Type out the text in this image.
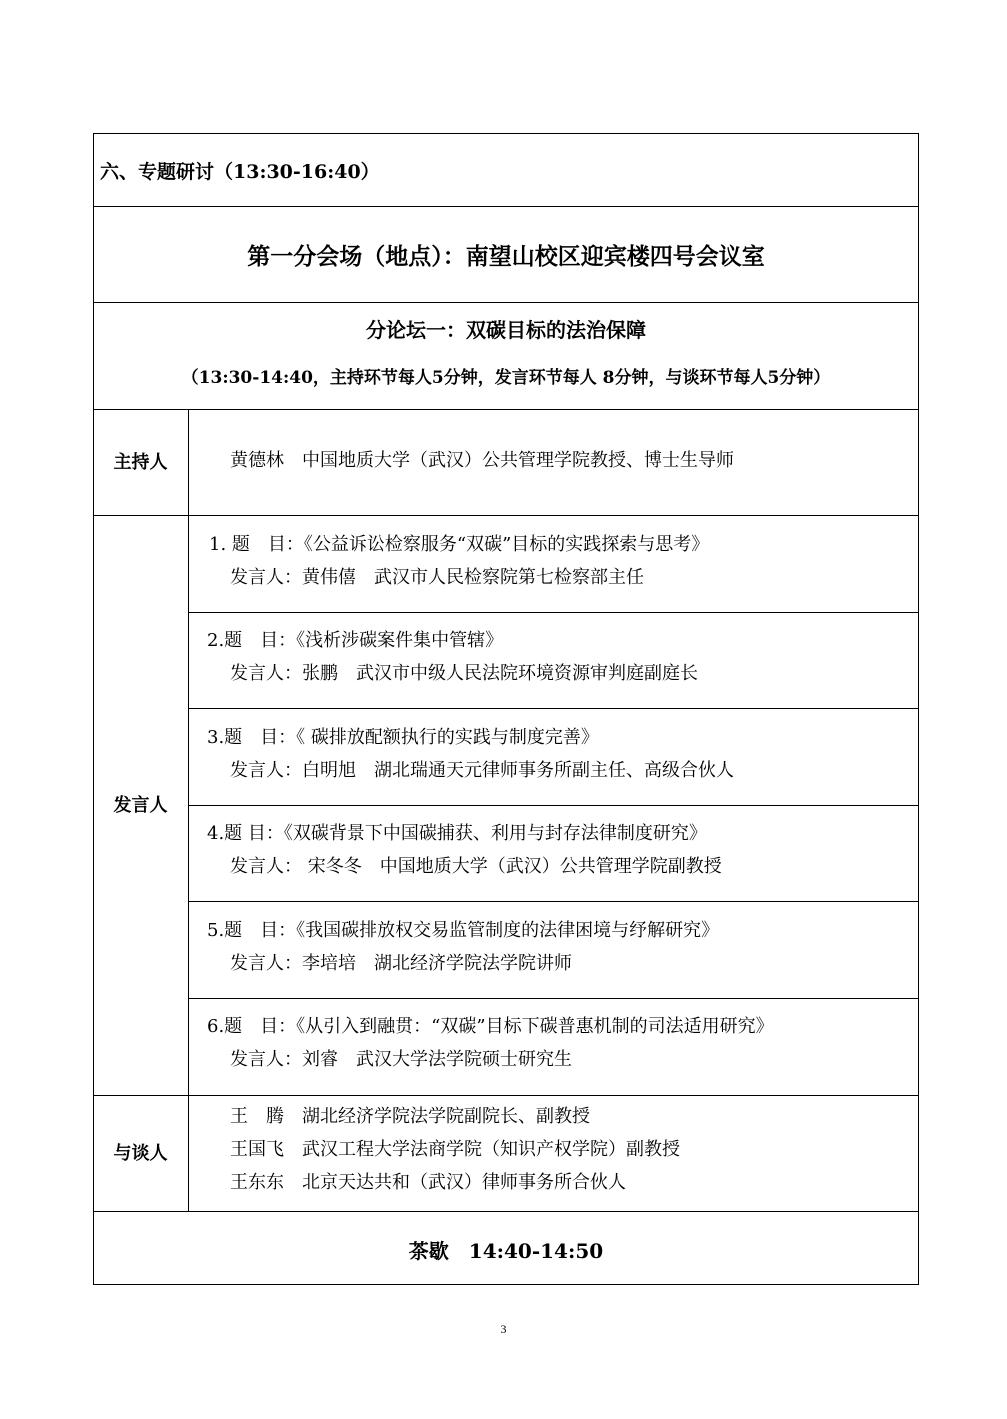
六、专题研讨（13:30-16:40）
第一分会场（地点）：南望山校区迎宾楼四号会议室
分论坛一：双碳目标的法治保障
（13:30-14:40，主持环节每人5分钟，发言环节每人 8分钟，与谈环节每人5分钟）
主持人	黄德林　中国地质大学（武汉）公共管理学院教授、博士生导师
发言人
1. 题　目：《公益诉讼检察服务“双碳”目标的实践探索与思考》
发言人：黄伟僖　武汉市人民检察院第七检察部主任
2.题　目：《浅析涉碳案件集中管辖》
发言人：张鹏　武汉市中级人民法院环境资源审判庭副庭长
3.题　目：《 碳排放配额执行的实践与制度完善》
发言人：白明旭　湖北瑞通天元律师事务所副主任、高级合伙人
4.题 目：《双碳背景下中国碳捕获、利用与封存法律制度研究》
发言人： 宋冬冬　中国地质大学（武汉）公共管理学院副教授
5.题　目：《我国碳排放权交易监管制度的法律困境与纾解研究》
发言人：李培培　湖北经济学院法学院讲师
6.题　目：《从引入到融贯：“双碳”目标下碳普惠机制的司法适用研究》
发言人：刘睿　武汉大学法学院硕士研究生
与谈人
王　腾　湖北经济学院法学院副院长、副教授
王国飞　武汉工程大学法商学院（知识产权学院）副教授
王东东　北京天达共和（武汉）律师事务所合伙人
茶歇　14:40-14:50
3
